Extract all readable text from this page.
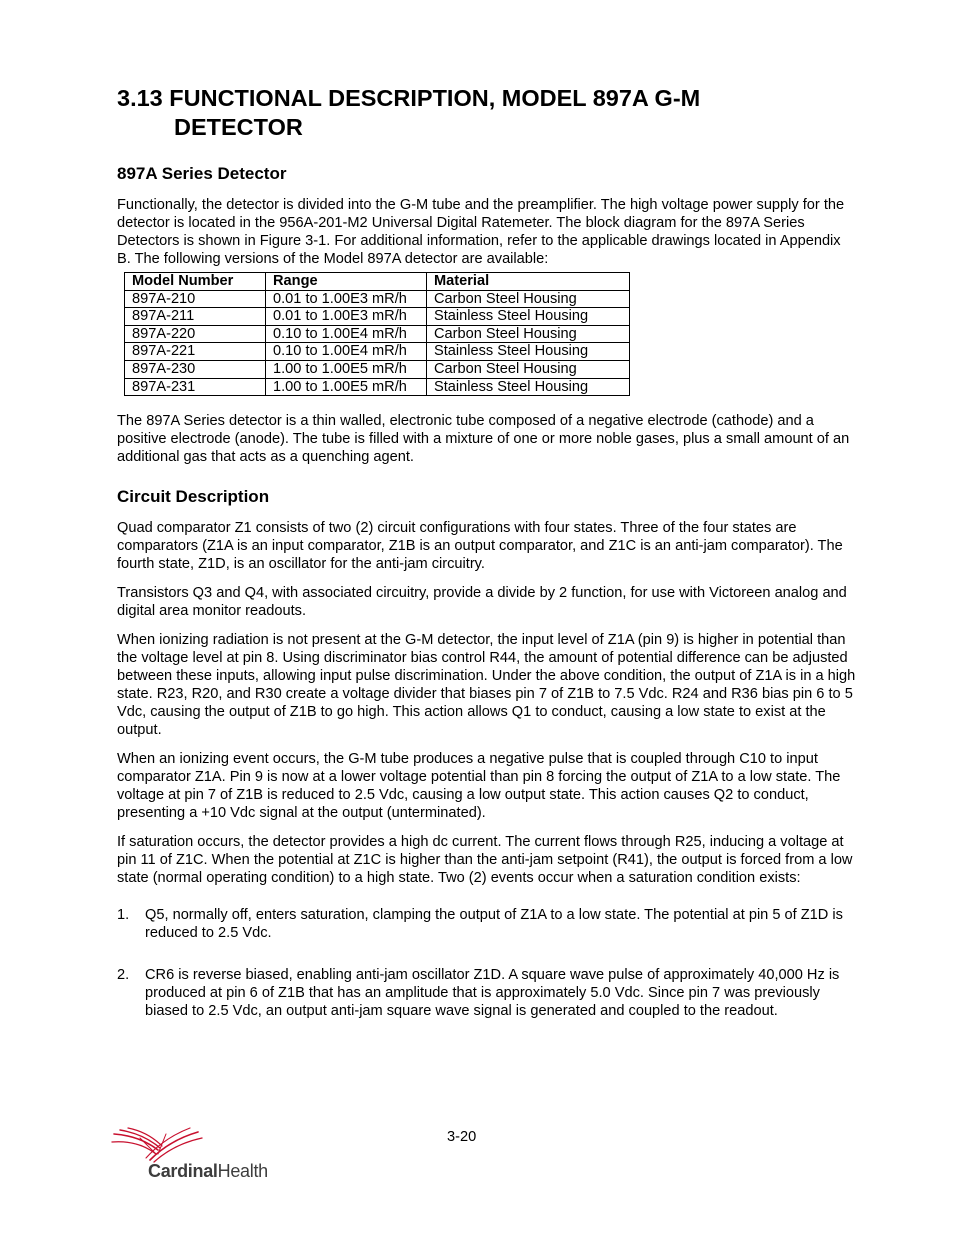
3.13 FUNCTIONAL DESCRIPTION, MODEL 897A G-M
DETECTOR
897A Series Detector

Functionally, the detector is divided into the G-M tube and the preamplifier. The high voltage power supply for the detector is located in the 956A-201-M2 Universal Digital Ratemeter. The block diagram for the 897A Series Detectors is shown in Figure 3-1. For additional information, refer to the applicable drawings located in Appendix B. The following versions of the Model 897A detector are available:

Model Number	Range	Material
897A-210	0.01 to 1.00E3 mR/h	Carbon Steel Housing
897A-211	0.01 to 1.00E3 mR/h	Stainless Steel Housing
897A-220	0.10 to 1.00E4 mR/h	Carbon Steel Housing
897A-221	0.10 to 1.00E4 mR/h	Stainless Steel Housing
897A-230	1.00 to 1.00E5 mR/h	Carbon Steel Housing
897A-231	1.00 to 1.00E5 mR/h	Stainless Steel Housing

The 897A Series detector is a thin walled, electronic tube composed of a negative electrode (cathode) and a positive electrode (anode). The tube is filled with a mixture of one or more noble gases, plus a small amount of an additional gas that acts as a quenching agent.

Circuit Description

Quad comparator Z1 consists of two (2) circuit configurations with four states. Three of the four states are comparators (Z1A is an input comparator, Z1B is an output comparator, and Z1C is an anti-jam comparator). The fourth state, Z1D, is an oscillator for the anti-jam circuitry.

Transistors Q3 and Q4, with associated circuitry, provide a divide by 2 function, for use with Victoreen analog and digital area monitor readouts.

When ionizing radiation is not present at the G-M detector, the input level of Z1A (pin 9) is higher in potential than the voltage level at pin 8. Using discriminator bias control R44, the amount of potential difference can be adjusted between these inputs, allowing input pulse discrimination. Under the above condition, the output of Z1A is in a high state. R23, R20, and R30 create a voltage divider that biases pin 7 of Z1B to 7.5 Vdc. R24 and R36 bias pin 6 to 5 Vdc, causing the output of Z1B to go high. This action allows Q1 to conduct, causing a low state to exist at the output.

When an ionizing event occurs, the G-M tube produces a negative pulse that is coupled through C10 to input comparator Z1A. Pin 9 is now at a lower voltage potential than pin 8 forcing the output of Z1A to a low state. The voltage at pin 7 of Z1B is reduced to 2.5 Vdc, causing a low output state. This action causes Q2 to conduct, presenting a +10 Vdc signal at the output (unterminated).

If saturation occurs, the detector provides a high dc current. The current flows through R25, inducing a voltage at pin 11 of Z1C. When the potential at Z1C is higher than the anti-jam setpoint (R41), the output is forced from a low state (normal operating condition) to a high state. Two (2) events occur when a saturation condition exists:

1.	Q5, normally off, enters saturation, clamping the output of Z1A to a low state. The potential at pin 5 of Z1D is reduced to 2.5 Vdc.
2.	CR6 is reverse biased, enabling anti-jam oscillator Z1D. A square wave pulse of approximately 40,000 Hz is produced at pin 6 of Z1B that has an amplitude that is approximately 5.0 Vdc. Since pin 7 was previously biased to 2.5 Vdc, an output anti-jam square wave signal is generated and coupled to the readout.
3-20
CardinalHealth
